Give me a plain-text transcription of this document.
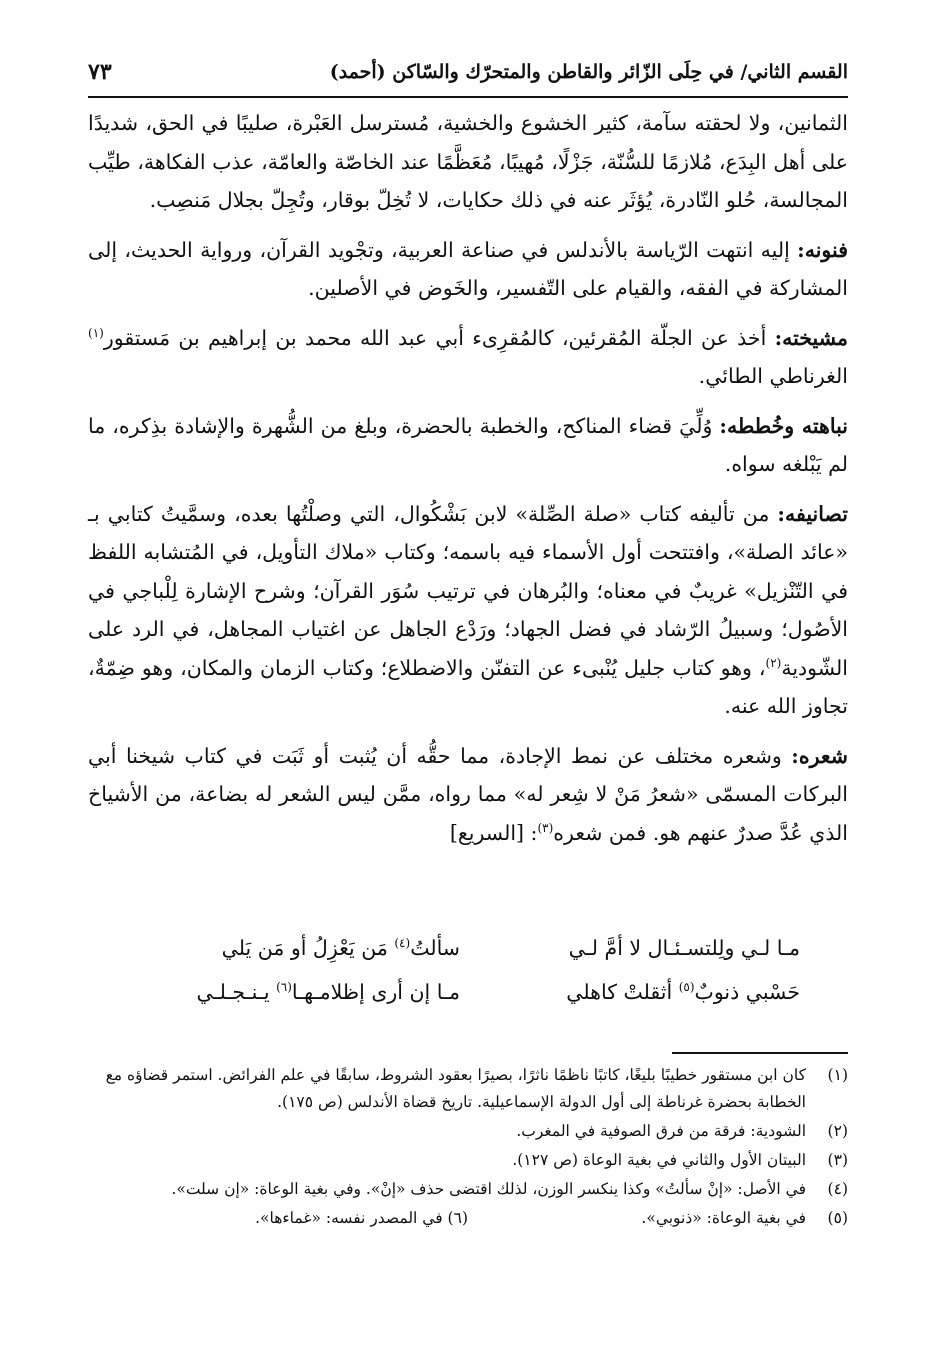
القسم الثاني/ في حِلَى الزّائر والقاطن والمتحرّك والسّاكن (أحمد)
٧٣

الثمانين، ولا لحقته سآمة، كثير الخشوع والخشية، مُسترسل العَبْرة، صليبًا في الحق، شديدًا على أهل البِدَع، مُلازمًا للسُّنّة، جَزْلًا، مُهيبًا، مُعَظَّمًا عند الخاصّة والعامّة، عذب الفكاهة، طيِّب المجالسة، حُلو النّادرة، يُؤثَر عنه في ذلك حكايات، لا تُخِلّ بوقار، وتُجِلّ بجلال مَنصِب.

فنونه: إليه انتهت الرّياسة بالأندلس في صناعة العربية، وتجْويد القرآن، ورواية الحديث، إلى المشاركة في الفقه، والقيام على التّفسير، والخَوض في الأصلين.

مشيخته: أخذ عن الجلّة المُقرئين، كالمُقرِىء أبي عبد الله محمد بن إبراهيم بن مَستقور$^{(١)}$ الغرناطي الطائي.

نباهته وخُططه: وُلِّيَ قضاء المناكح، والخطبة بالحضرة، وبلغ من الشُّهرة والإشادة بذِكره، ما لم يَبْلغه سواه.

تصانيفه: من تأليفه كتاب «صلة الصِّلة» لابن بَشْكُوال، التي وصلْتُها بعده، وسمَّيتُ كتابي بـ «عائد الصلة»، وافتتحت أول الأسماء فيه باسمه؛ وكتاب «ملاك التأويل، في المُتشابه اللفظ في التّنْزيل» غريبٌ في معناه؛ والبُرهان في ترتيب سُوَر القرآن؛ وشرح الإشارة لِلْباجي في الأصُول؛ وسبيلُ الرّشاد في فضل الجهاد؛ ورَدْع الجاهل عن اغتياب المجاهل، في الرد على الشّودية$^{(٢)}$، وهو كتاب جليل يُنْبىء عن التفنّن والاضطلاع؛ وكتاب الزمان والمكان، وهو ضِمّةٌ، تجاوز الله عنه.

شعره: وشعره مختلف عن نمط الإجادة، مما حقُّه أن يُثبت أو ثَبَت في كتاب شيخنا أبي البركات المسمّى «شعرُ مَنْ لا شِعر له» مما رواه، ممَّن ليس الشعر له بضاعة، من الأشياخ الذي عُدَّ صدرٌ عنهم هو. فمن شعره$^{(٣)}$: [السريع]

مـا لـي ولِلتسـئـال لا أمَّ لـي
سألتُ$^{(٤)}$ مَن يَعْزِلُ أو مَن يَلي
حَسْبي ذنوبٌ$^{(٥)}$ أثقلتْ كاهلي
مـا إن أرى إظلامـهـا$^{(٦)}$ يـنـجـلـي
(١)
كان ابن مستقور خطيبًا بليغًا، كاتبًا ناظمًا ناثرًا، بصيرًا بعقود الشروط، سابقًا في علم الفرائض. استمر قضاؤه مع الخطابة بحضرة غرناطة إلى أول الدولة الإسماعيلية. تاريخ قضاة الأندلس (ص ١٧٥).
(٢)
الشودية: فرقة من فرق الصوفية في المغرب.
(٣)
البيتان الأول والثاني في بغية الوعاة (ص ١٢٧).
(٤)
في الأصل: «إنْ سألتُ» وكذا ينكسر الوزن، لذلك اقتضى حذف «إنْ». وفي بغية الوعاة: «إن سلت».
(٥)
في بغية الوعاة: «ذنوبي».
(٦) في المصدر نفسه: «غماءها».
